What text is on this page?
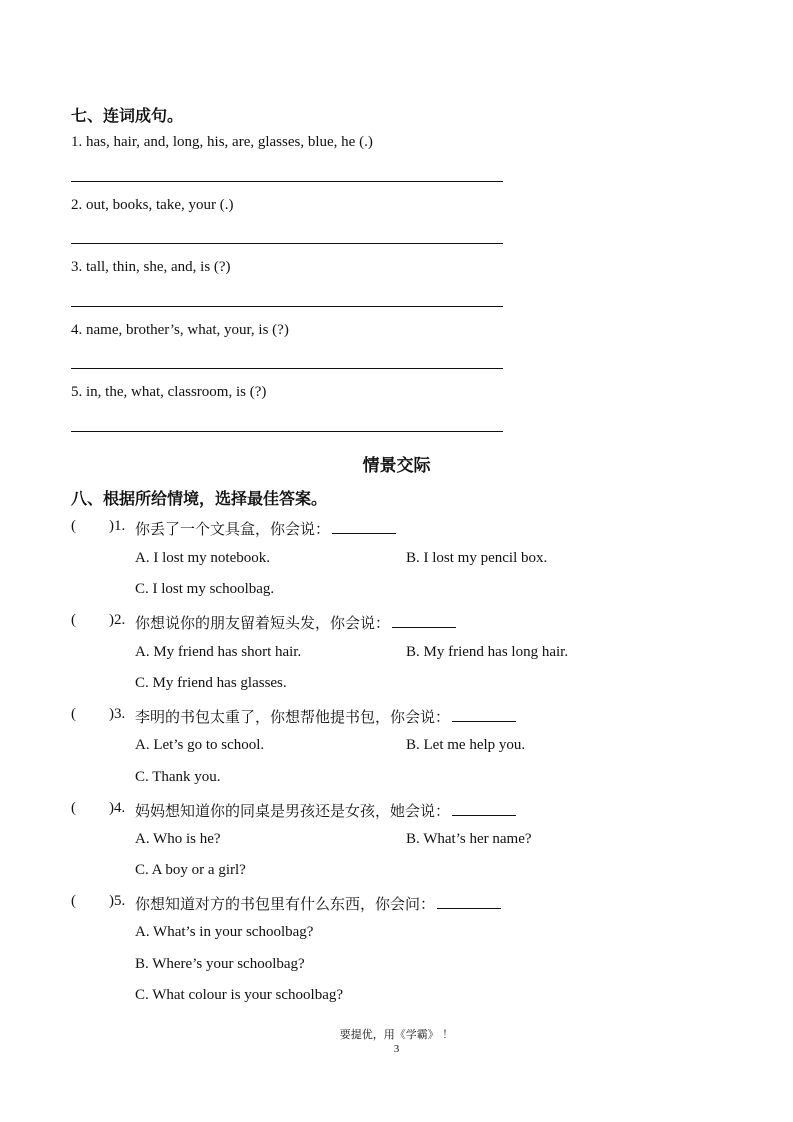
七、连词成句。
1. has, hair, and, long, his, are, glasses, blue, he (.)
2. out, books, take, your (.)
3. tall, thin, she, and, is (?)
4. name, brother’s, what, your, is (?)
5. in, the, what, classroom, is (?)
情景交际
八、根据所给情境，选择最佳答案。
( )1. 你丢了一个文具盒，你会说：
A. I lost my notebook.	B. I lost my pencil box.
C. I lost my schoolbag.
( )2. 你想说你的朋友留着短头发，你会说：
A. My friend has short hair.	B. My friend has long hair.
C. My friend has glasses.
( )3. 李明的书包太重了，你想帮他提书包，你会说：
A. Let’s go to school.	B. Let me help you.
C. Thank you.
( )4. 妈妈想知道你的同桌是男孩还是女孩，她会说：
A. Who is he?	B. What’s her name?
C. A boy or a girl?
( )5. 你想知道对方的书包里有什么东西，你会问：
A. What’s in your schoolbag?
B. Where’s your schoolbag?
C. What colour is your schoolbag?
要提优，用《学霸》 ！
3
